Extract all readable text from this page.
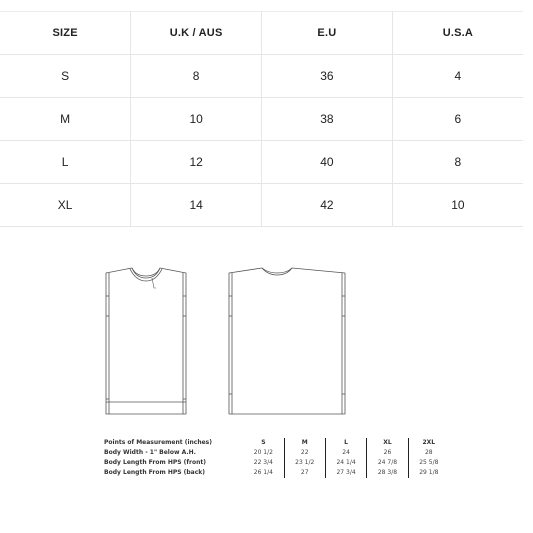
SIZE	U.K / AUS	E.U	U.S.A
S	8	36	4
M	10	38	6
L	12	40	8
XL	14	42	10
Points of Measurement (inches)	S	M	L	XL	2XL
Body Width - 1" Below A.H.	20 1/2	22	24	26	28
Body Length From HPS (front)	22 3/4	23 1/2	24 1/4	24 7/8	25 5/8
Body Length From HPS (back)	26 1/4	27	27 3/4	28 3/8	29 1/8
